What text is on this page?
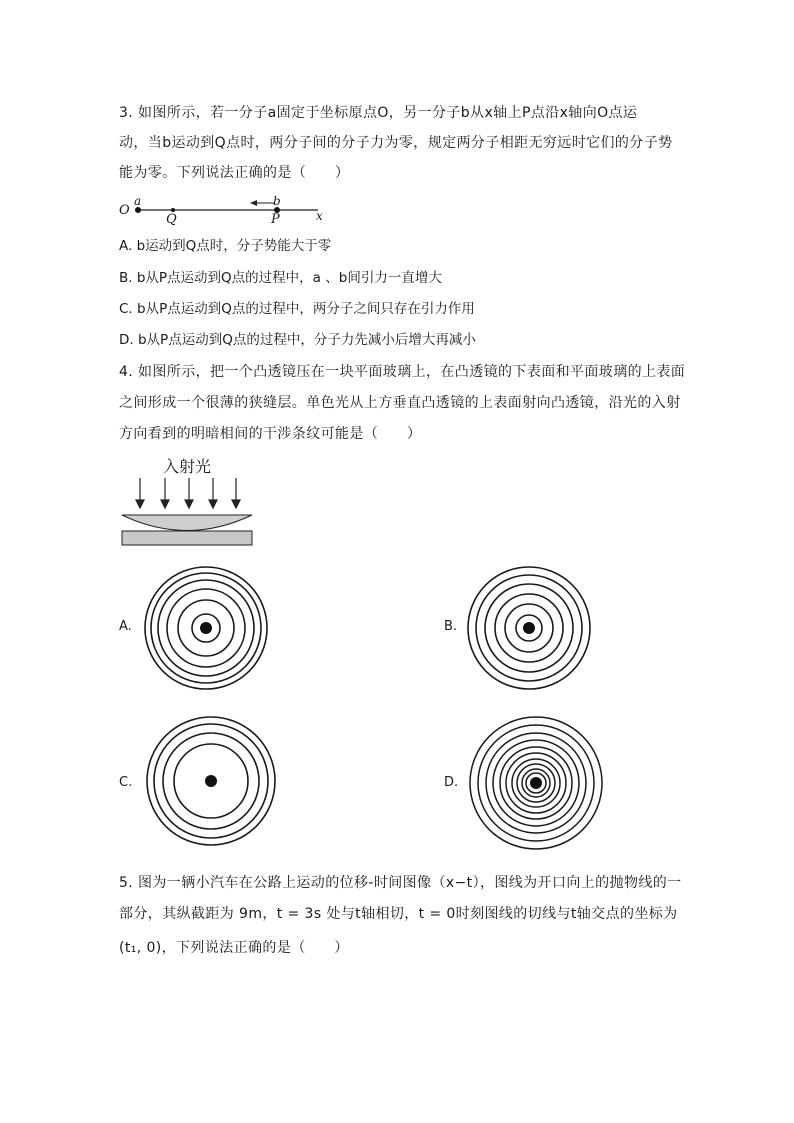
3. 如图所示，若一分子a固定于坐标原点O，另一分子b从x轴上P点沿x轴向O点运
动，当b运动到Q点时，两分子间的分子力为零，规定两分子相距无穷远时它们的分子势
能为零。下列说法正确的是（　　）
O
a
Q
b
P	x
A. b运动到Q点时，分子势能大于零
B. b从P点运动到Q点的过程中，a 、b间引力一直增大
C. b从P点运动到Q点的过程中，两分子之间只存在引力作用
D. b从P点运动到Q点的过程中，分子力先减小后增大再减小
4. 如图所示，把一个凸透镜压在一块平面玻璃上，在凸透镜的下表面和平面玻璃的上表面
之间形成一个很薄的狭缝层。单色光从上方垂直凸透镜的上表面射向凸透镜，沿光的入射
方向看到的明暗相间的干涉条纹可能是（　　）
入射光
A.	B.
C.	D.
5. 图为一辆小汽车在公路上运动的位移-时间图像（x−t），图线为开口向上的抛物线的一
部分，其纵截距为 9m，t = 3s 处与t轴相切，t = 0时刻图线的切线与t轴交点的坐标为
(t₁, 0)，下列说法正确的是（　　）
